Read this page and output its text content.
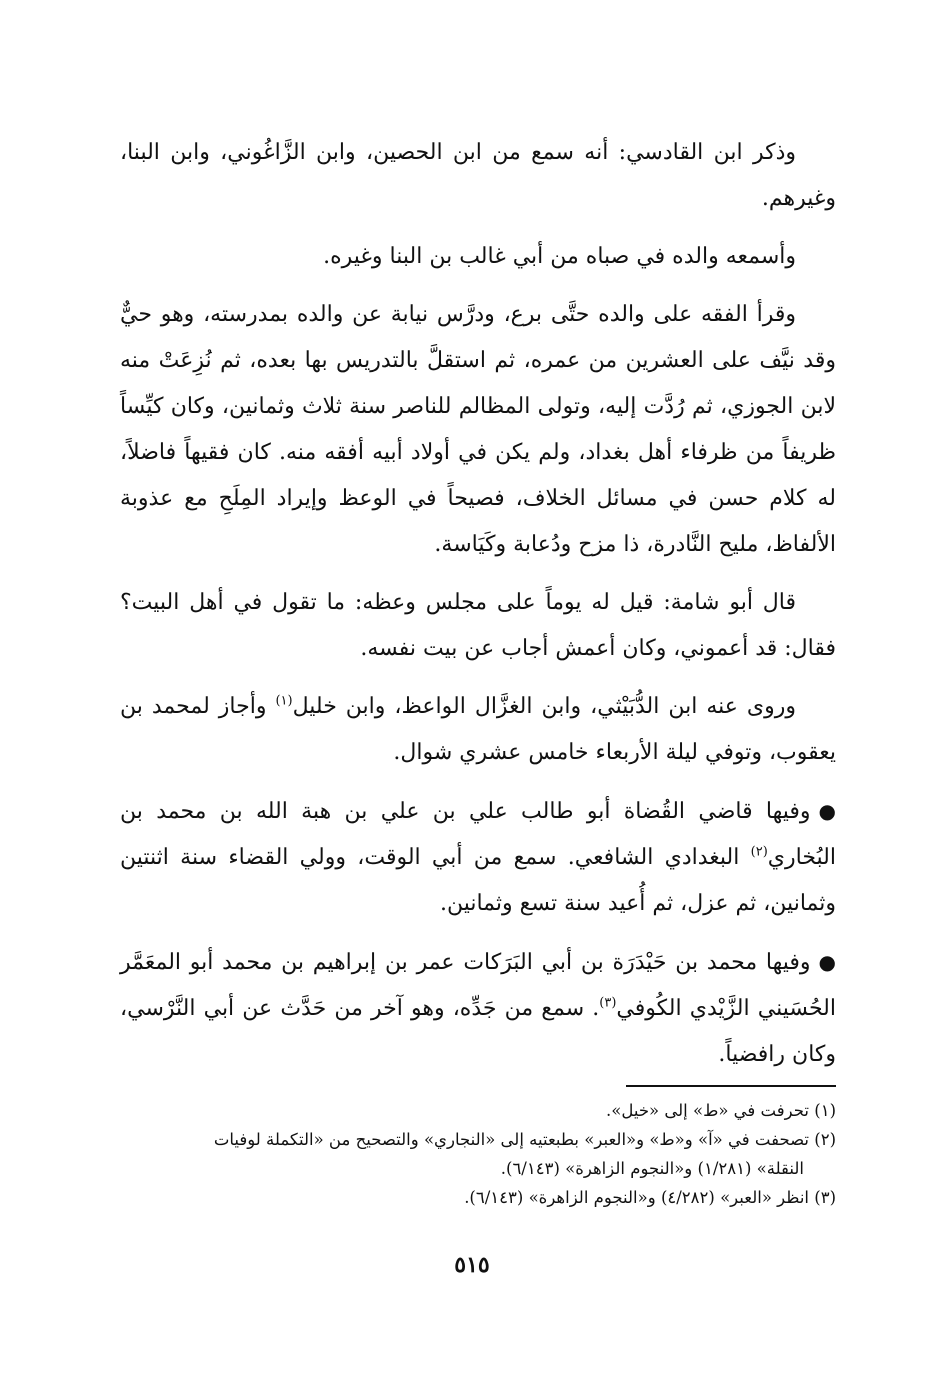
وذكر ابن القادسي: أنه سمع من ابن الحصين، وابن الزَّاغُوني، وابن البنا، وغيرهم.

وأسمعه والده في صباه من أبي غالب بن البنا وغيره.

وقرأ الفقه على والده حتَّى برع، ودرَّس نيابة عن والده بمدرسته، وهو حيٌّ وقد نيَّف على العشرين من عمره، ثم استقلَّ بالتدريس بها بعده، ثم نُزِعَتْ منه لابن الجوزي، ثم رُدَّت إليه، وتولى المظالم للناصر سنة ثلاث وثمانين، وكان كيِّساً ظريفاً من ظرفاء أهل بغداد، ولم يكن في أولاد أبيه أفقه منه. كان فقيهاً فاضلاً، له كلام حسن في مسائل الخلاف، فصيحاً في الوعظ وإيراد المِلَحِ مع عذوبة الألفاظ، مليح النَّادرة، ذا مزح ودُعابة وكَيَاسة.

قال أبو شامة: قيل له يوماً على مجلس وعظه: ما تقول في أهل البيت؟ فقال: قد أعموني، وكان أعمش أجاب عن بيت نفسه.

وروى عنه ابن الدُّبَيْثي، وابن الغزَّال الواعظ، وابن خليل$^{(١)}$ وأجاز لمحمد بن يعقوب، وتوفي ليلة الأربعاء خامس عشري شوال.

●وفيها قاضي القُضاة أبو طالب علي بن علي بن هبة الله بن محمد بن البُخاري$^{(٢)}$ البغدادي الشافعي. سمع من أبي الوقت، وولي القضاء سنة اثنتين وثمانين، ثم عزل، ثم أُعيد سنة تسع وثمانين.

●وفيها محمد بن حَيْدَرَة بن أبي البَرَكات عمر بن إبراهيم بن محمد أبو المعَمَّر الحُسَيني الزَّيْدي الكُوفي$^{(٣)}$. سمع من جَدِّه، وهو آخر من حَدَّث عن أبي النَّرْسي، وكان رافضياً.

(١) تحرفت في «ط» إلى «خيل».

(٢) تصحفت في «آ» و«ط» و«العبر» بطبعتيه إلى «النجاري» والتصحيح من «التكملة لوفيات

النقلة» (١/٢٨١) و«النجوم الزاهرة» (٦/١٤٣).

(٣) انظر «العبر» (٤/٢٨٢) و«النجوم الزاهرة» (٦/١٤٣).

٥١٥
